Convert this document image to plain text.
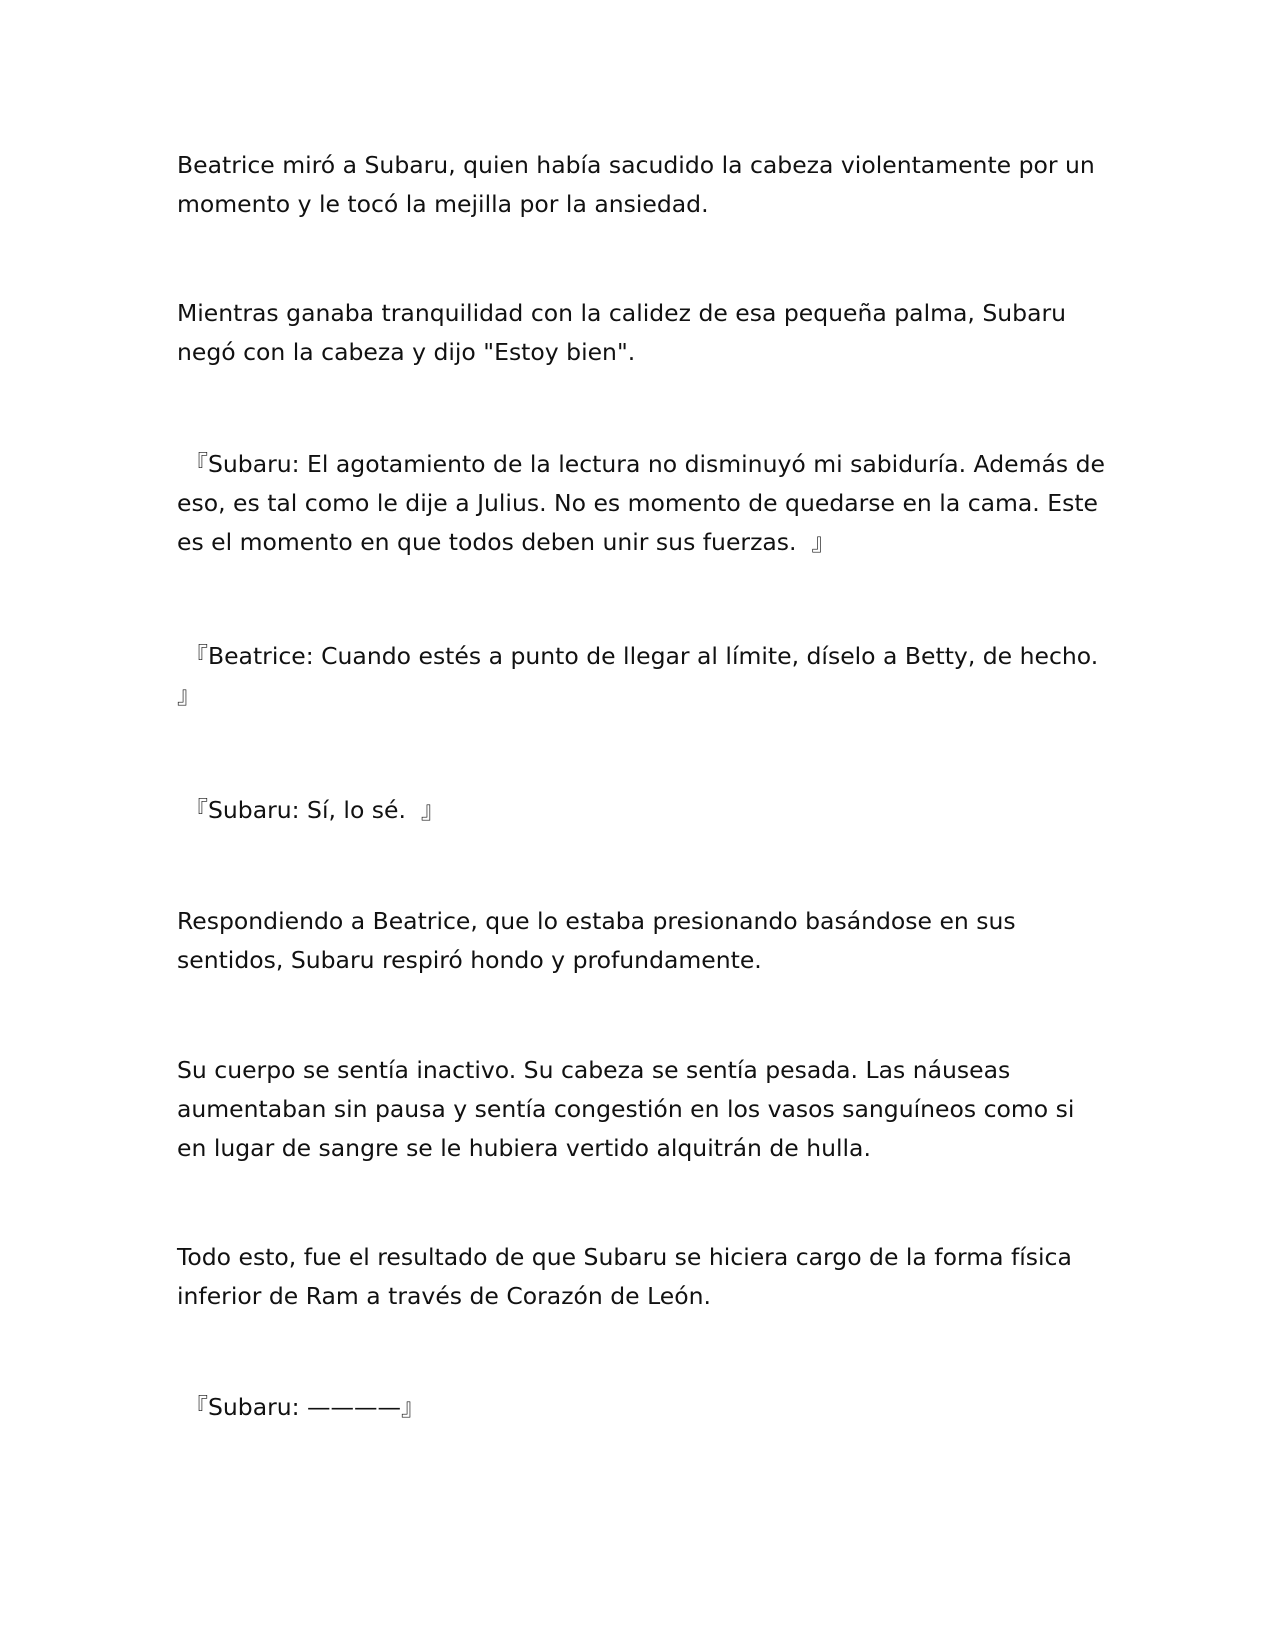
Beatrice miró a Subaru, quien había sacudido la cabeza violentamente por un momento y le tocó la mejilla por la ansiedad.

Mientras ganaba tranquilidad con la calidez de esa pequeña palma, Subaru negó con la cabeza y dijo "Estoy bien".

『Subaru: El agotamiento de la lectura no disminuyó mi sabiduría. Además de eso, es tal como le dije a Julius. No es momento de quedarse en la cama. Este es el momento en que todos deben unir sus fuerzas.  』

『Beatrice: Cuando estés a punto de llegar al límite, díselo a Betty, de hecho. 』

『Subaru: Sí, lo sé.  』

Respondiendo a Beatrice, que lo estaba presionando basándose en sus sentidos, Subaru respiró hondo y profundamente.

Su cuerpo se sentía inactivo. Su cabeza se sentía pesada. Las náuseas aumentaban sin pausa y sentía congestión en los vasos sanguíneos como si en lugar de sangre se le hubiera vertido alquitrán de hulla.

Todo esto, fue el resultado de que Subaru se hiciera cargo de la forma física inferior de Ram a través de Corazón de León.

『Subaru: ————』
